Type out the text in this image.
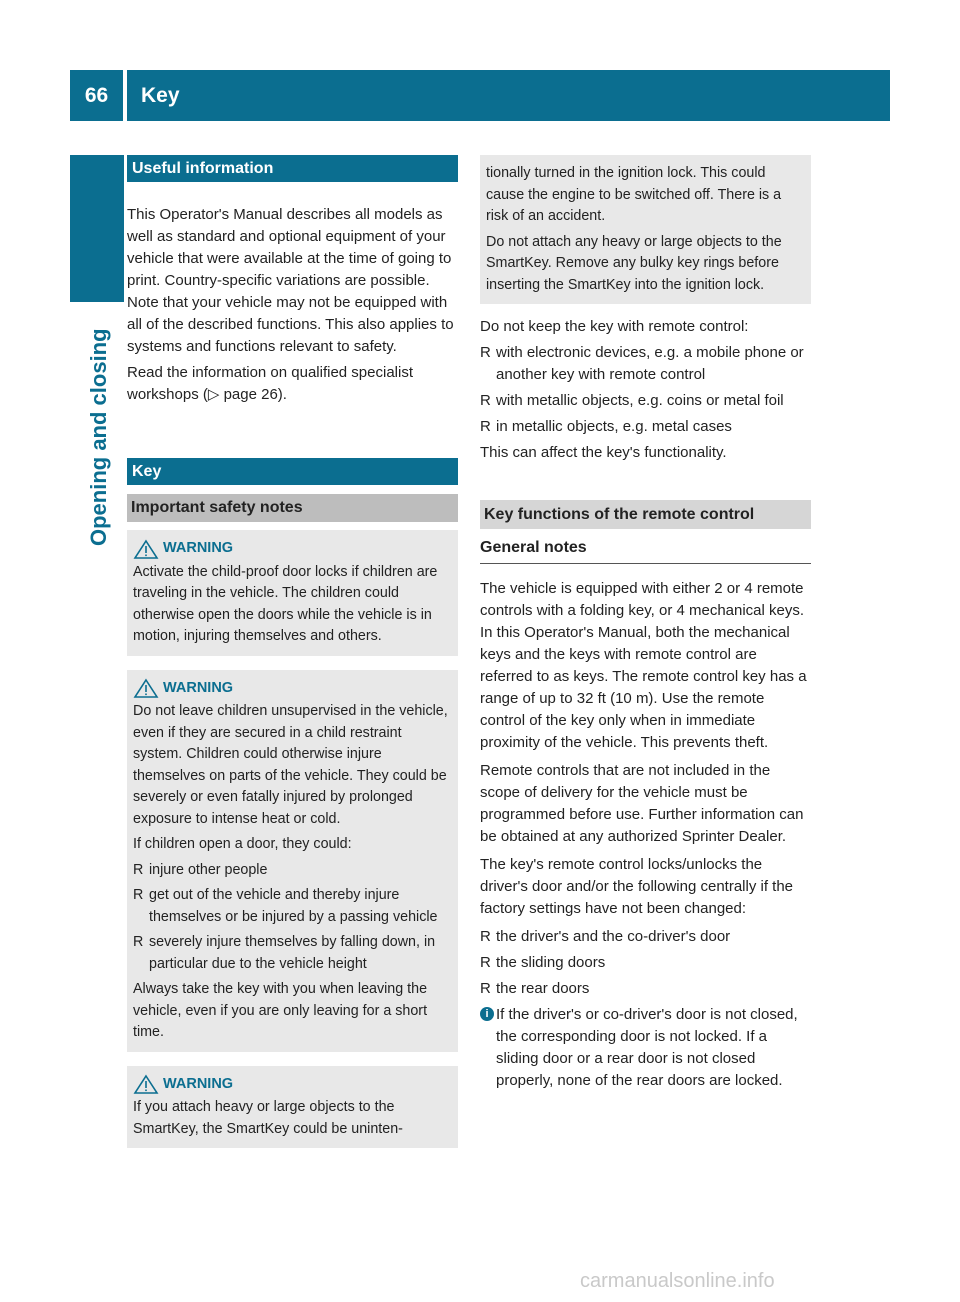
66	Key
Opening and closing
Useful information

This Operator's Manual describes all models as well as standard and optional equipment of your vehicle that were available at the time of going to print. Country-specific variations are possible. Note that your vehicle may not be equipped with all of the described functions. This also applies to systems and functions relevant to safety.

Read the information on qualified specialist workshops (▷ page 26).

Key
Important safety notes
WARNING
Activate the child-proof door locks if children are traveling in the vehicle. The children could otherwise open the doors while the vehicle is in motion, injuring themselves and others.
WARNING

Do not leave children unsupervised in the vehicle, even if they are secured in a child restraint system. Children could otherwise injure themselves on parts of the vehicle. They could be severely or even fatally injured by prolonged exposure to intense heat or cold.

If children open a door, they could:

R injure other people
R get out of the vehicle and thereby injure themselves or be injured by a passing vehicle
R severely injure themselves by falling down, in particular due to the vehicle height
Always take the key with you when leaving the vehicle, even if you are only leaving for a short time.
WARNING
If you attach heavy or large objects to the SmartKey, the SmartKey could be uninten-

tionally turned in the ignition lock. This could cause the engine to be switched off. There is a risk of an accident.

Do not attach any heavy or large objects to the SmartKey. Remove any bulky key rings before inserting the SmartKey into the ignition lock.

Do not keep the key with remote control:

R with electronic devices, e.g. a mobile phone or another key with remote control
R with metallic objects, e.g. coins or metal foil
R in metallic objects, e.g. metal cases

This can affect the key's functionality.

Key functions of the remote control
General notes

The vehicle is equipped with either 2 or 4 remote controls with a folding key, or 4 mechanical keys. In this Operator's Manual, both the mechanical keys and the keys with remote control are referred to as keys. The remote control key has a range of up to 32 ft (10 m). Use the remote control of the key only when in immediate proximity of the vehicle. This prevents theft.

Remote controls that are not included in the scope of delivery for the vehicle must be programmed before use. Further information can be obtained at any authorized Sprinter Dealer.

The key's remote control locks/unlocks the driver's door and/or the following centrally if the factory settings have not been changed:

R the driver's and the co-driver's door
R the sliding doors
R the rear doors
i If the driver's or co-driver's door is not closed, the corresponding door is not locked. If a sliding door or a rear door is not closed properly, none of the rear doors are locked.
carmanualsonline.info
